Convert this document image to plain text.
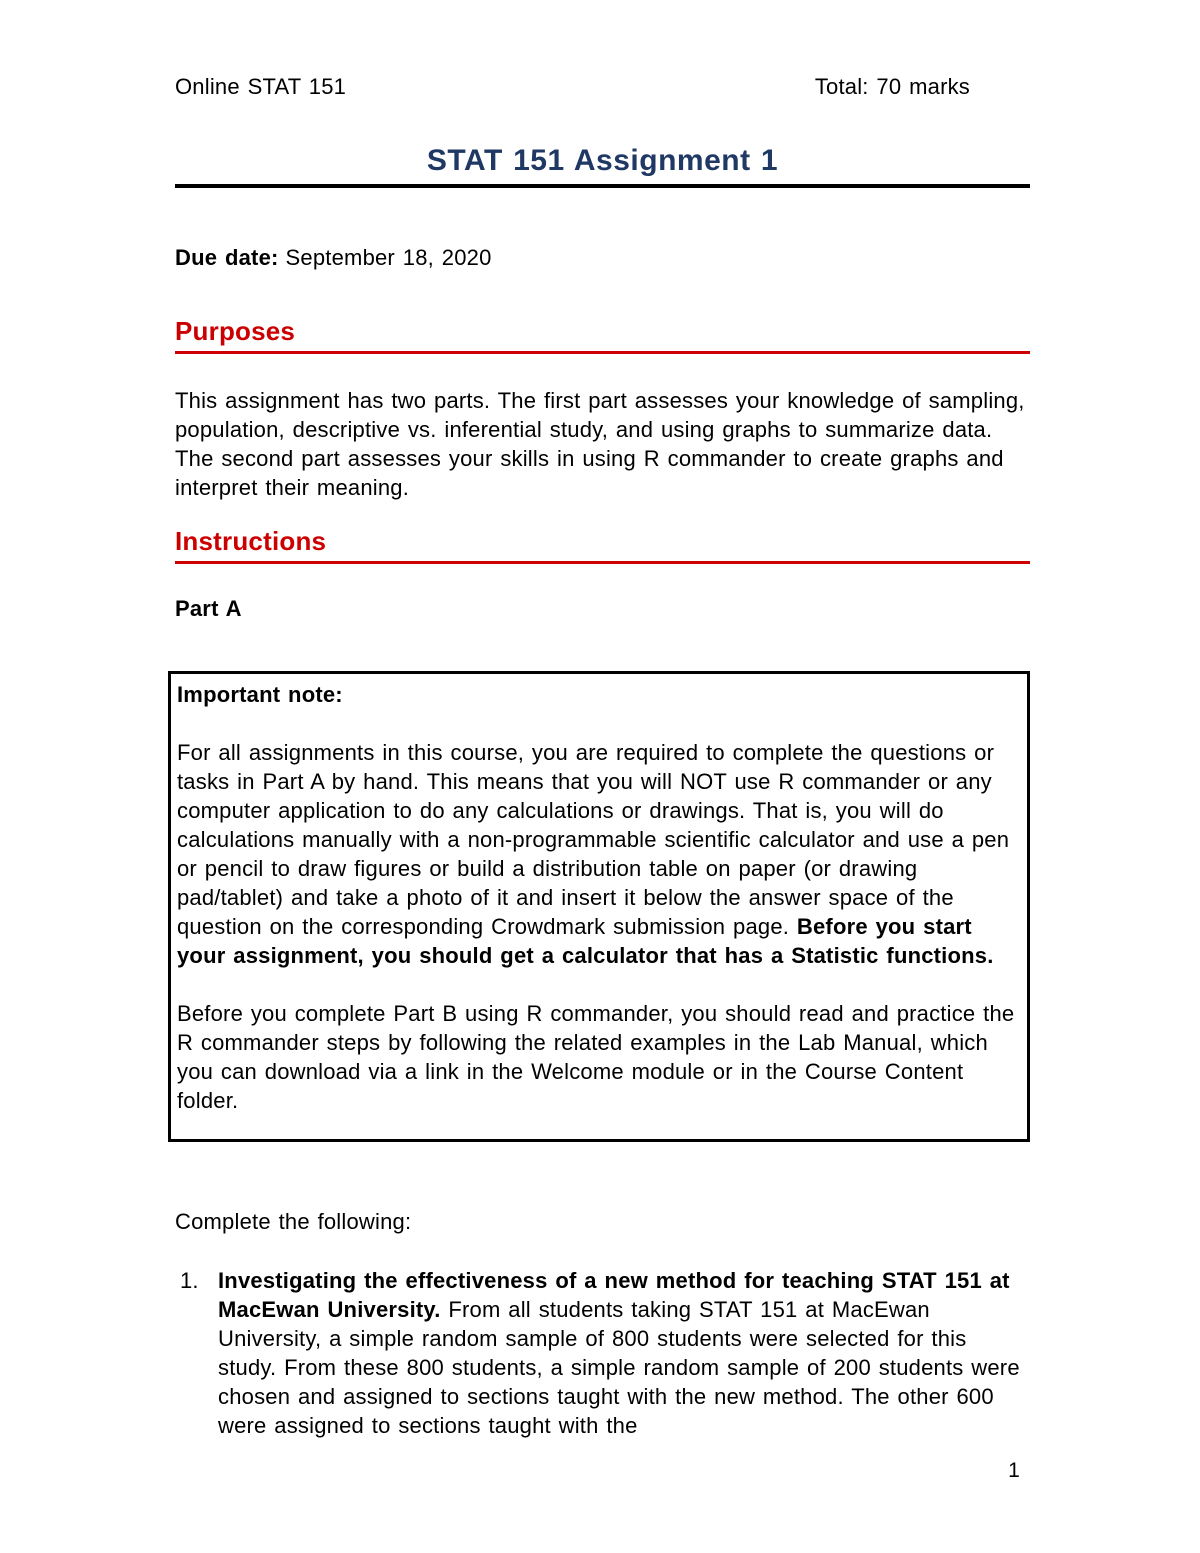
Online STAT 151	Total: 70 marks
STAT 151 Assignment 1

Due date: September 18, 2020

Purposes

This assignment has two parts. The first part assesses your knowledge of sampling, population, descriptive vs. inferential study, and using graphs to summarize data. The second part assesses your skills in using R commander to create graphs and interpret their meaning.

Instructions

Part A

Important note:

For all assignments in this course, you are required to complete the questions or tasks in Part A by hand. This means that you will NOT use R commander or any computer application to do any calculations or drawings. That is, you will do calculations manually with a non-programmable scientific calculator and use a pen or pencil to draw figures or build a distribution table on paper (or drawing pad/tablet) and take a photo of it and insert it below the answer space of the question on the corresponding Crowdmark submission page. Before you start your assignment, you should get a calculator that has a Statistic functions.

Before you complete Part B using R commander, you should read and practice the R commander steps by following the related examples in the Lab Manual, which you can download via a link in the Welcome module or in the Course Content folder.

Complete the following:

1. Investigating the effectiveness of a new method for teaching STAT 151 at MacEwan University. From all students taking STAT 151 at MacEwan University, a simple random sample of 800 students were selected for this study. From these 800 students, a simple random sample of 200 students were chosen and assigned to sections taught with the new method. The other 600 were assigned to sections taught with the
1
